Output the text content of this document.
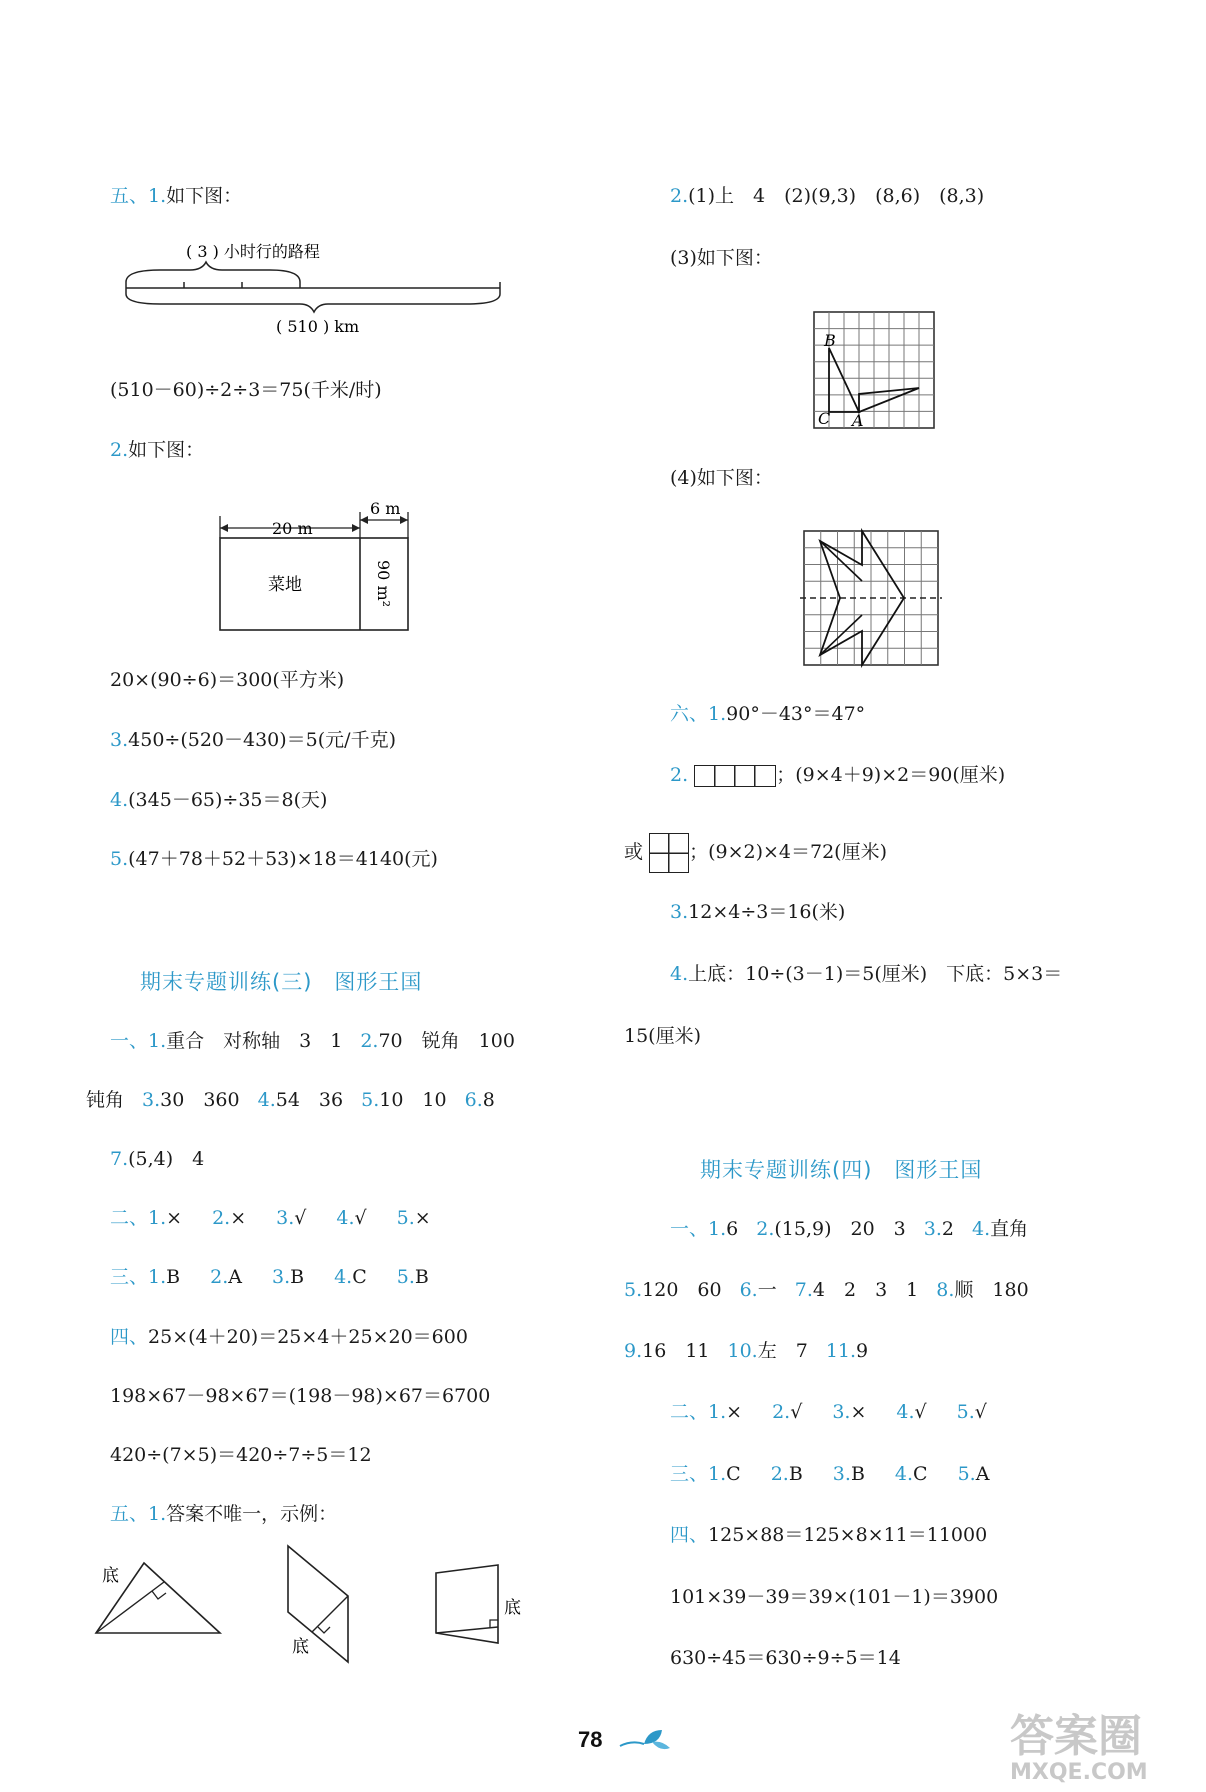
五、1.如下图：
( 3 ) 小时行的路程
( 510 ) km
(510－60)÷2÷3＝75(千米/时)
2.如下图：
6 m
20 m
菜地	90 m²
20×(90÷6)＝300(平方米)
3.450÷(520－430)＝5(元/千克)
4.(345－65)÷35＝8(天)
5.(47＋78＋52＋53)×18＝4140(元)
期末专题训练(三)　图形王国
一、1.重合　对称轴　3　1 2.70　锐角　100
钝角 3.30　360 4.54　36 5.10　10 6.8
7.(5,4)　4
二、1.× 2.× 3.√ 4.√ 5.×
三、1.B 2.A 3.B 4.C 5.B
四、25×(4＋20)＝25×4＋25×20＝600
198×67－98×67＝(198－98)×67＝6700
420÷(7×5)＝420÷7÷5＝12
五、1.答案不唯一，示例：
底
底
底
2.(1)上　4　(2)(9,3)　(8,6)　(8,3)
(3)如下图：
B
C A
(4)如下图：
六、1.90°－43°＝47°
2.	；(9×4＋9)×2＝90(厘米)
或 ；(9×2)×4＝72(厘米)
3.12×4÷3＝16(米)
4.上底：10÷(3－1)＝5(厘米)　下底：5×3＝
15(厘米)
期末专题训练(四)　图形王国
一、1.6 2.(15,9)　20　3 3.2 4.直角
5.120　60 6.一 7.4　2　3　1 8.顺　180
9.16　11 10.左　7 11.9
二、1.× 2.√ 3.× 4.√ 5.√
三、1.C 2.B 3.B 4.C 5.A
四、125×88＝125×8×11＝11000
101×39－39＝39×(101－1)＝3900
630÷45＝630÷9÷5＝14
78	答案圈
MXQE.COM
